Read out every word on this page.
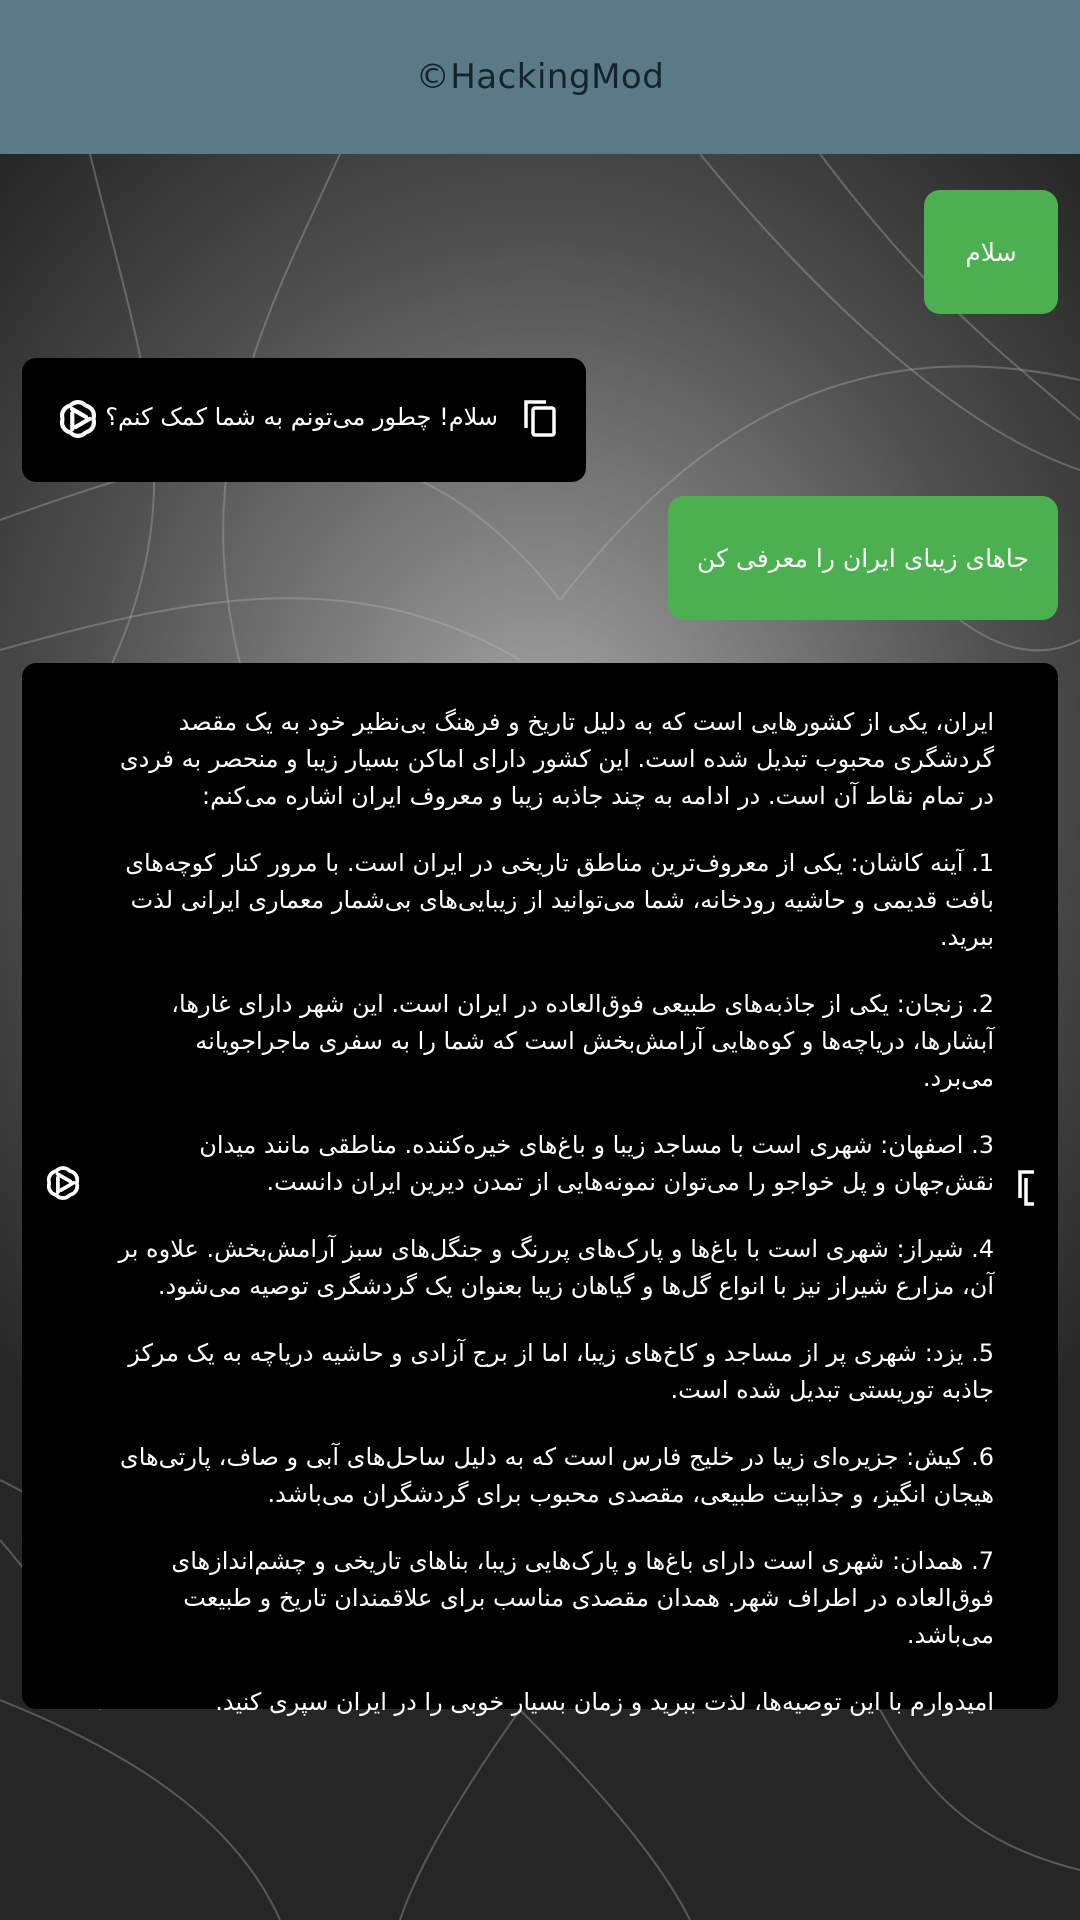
©HackingMod
سلام
سلام! چطور می‌تونم به شما کمک کنم؟
جاهای زیبای ایران را معرفی کن

ایران، یکی از کشورهایی است که به دلیل تاریخ و فرهنگ بی‌نظیر خود به یک مقصد گردشگری محبوب تبدیل شده است. این کشور دارای اماکن بسیار زیبا و منحصر به فردی در تمام نقاط آن است. در ادامه به چند جاذبه زیبا و معروف ایران اشاره می‌کنم:

1. آینه کاشان: یکی از معروف‌ترین مناطق تاریخی در ایران است. با مرور کنار کوچه‌های بافت قدیمی و حاشیه رودخانه، شما می‌توانید از زیبایی‌های بی‌شمار معماری ایرانی لذت ببرید.

2. زنجان: یکی از جاذبه‌های طبیعی فوق‌العاده در ایران است. این شهر دارای غارها، آبشارها، دریاچه‌ها و کوه‌هایی آرامش‌بخش است که شما را به سفری ماجراجویانه می‌برد.

3. اصفهان: شهری است با مساجد زیبا و باغ‌های خیره‌کننده. مناطقی مانند میدان نقش‌جهان و پل خواجو را می‌توان نمونه‌هایی از تمدن دیرین ایران دانست.

4. شیراز: شهری است با باغ‌ها و پارک‌های پررنگ و جنگل‌های سبز آرامش‌بخش. علاوه بر آن، مزارع شیراز نیز با انواع گل‌ها و گیاهان زیبا بعنوان یک گردشگری توصیه می‌شود.

5. یزد: شهری پر از مساجد و کاخ‌های زیبا، اما از برج آزادی و حاشیه دریاچه به یک مرکز جاذبه توریستی تبدیل شده است.

6. کیش: جزیره‌ای زیبا در خلیج فارس است که به دلیل ساحل‌های آبی و صاف، پارتی‌های هیجان انگیز، و جذابیت طبیعی، مقصدی محبوب برای گردشگران می‌باشد.

7. همدان: شهری است دارای باغ‌ها و پارک‌هایی زیبا، بناهای تاریخی و چشم‌اندازهای فوق‌العاده در اطراف شهر. همدان مقصدی مناسب برای علاقمندان تاریخ و طبیعت می‌باشد.

امیدوارم با این توصیه‌ها، لذت ببرید و زمان بسیار خوبی را در ایران سپری کنید.
